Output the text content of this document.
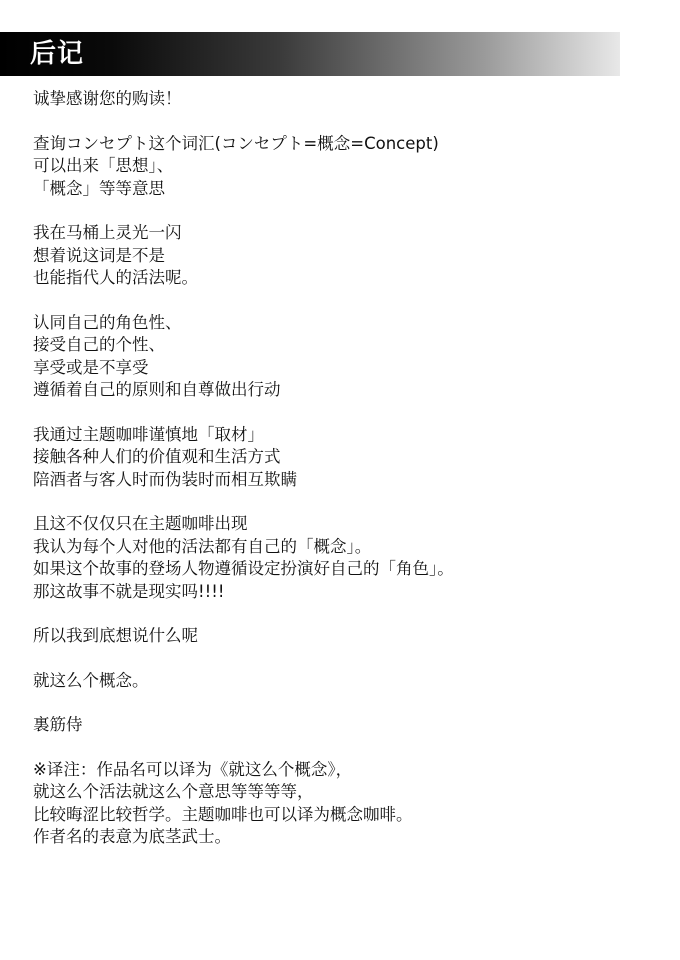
后记
诚挚感谢您的购读！
查询コンセプト这个词汇(コンセプト=概念=Concept)
可以出来「思想」、
「概念」等等意思
我在马桶上灵光一闪
想着说这词是不是
也能指代人的活法呢。
认同自己的角色性、
接受自己的个性、
享受或是不享受
遵循着自己的原则和自尊做出行动
我通过主题咖啡谨慎地「取材」
接触各种人们的价值观和生活方式
陪酒者与客人时而伪装时而相互欺瞒
且这不仅仅只在主题咖啡出现
我认为每个人对他的活法都有自己的「概念」。
如果这个故事的登场人物遵循设定扮演好自己的「角色」。
那这故事不就是现实吗!!!!
所以我到底想说什么呢
就这么个概念。
裏筋侍
※译注：作品名可以译为《就这么个概念》，
就这么个活法就这么个意思等等等等，
比较晦涩比较哲学。主题咖啡也可以译为概念咖啡。
作者名的表意为底茎武士。
